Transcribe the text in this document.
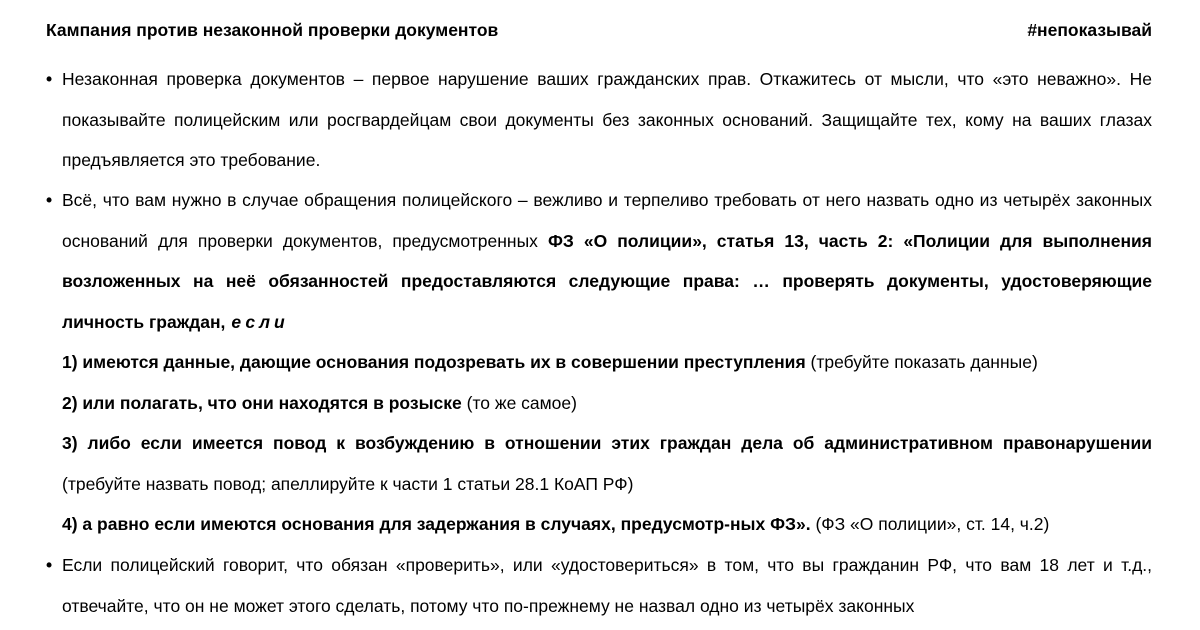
Кампания против незаконной проверки документов	#непоказывай
• Незаконная проверка документов – первое нарушение ваших гражданских прав. Откажитесь от мысли, что «это неважно». Не показывайте полицейским или росгвардейцам свои документы без законных оснований. Защищайте тех, кому на ваших глазах предъявляется это требование.
• Всё, что вам нужно в случае обращения полицейского – вежливо и терпеливо требовать от него назвать одно из четырёх законных оснований для проверки документов, предусмотренных ФЗ «О полиции», статья 13, часть 2: «Полиции для выполнения возложенных на неё обязанностей предоставляются следующие права: … проверять документы, удостоверяющие личность граждан, если
1) имеются данные, дающие основания подозревать их в совершении преступления (требуйте показать данные)
2) или полагать, что они находятся в розыске (то же самое)
3) либо если имеется повод к возбуждению в отношении этих граждан дела об административном правонарушении (требуйте назвать повод; апеллируйте к части 1 статьи 28.1 КоАП РФ)
4) а равно если имеются основания для задержания в случаях, предусмотр-ных ФЗ». (ФЗ «О полиции», ст. 14, ч.2)
• Если полицейский говорит, что обязан «проверить», или «удостовериться» в том, что вы гражданин РФ, что вам 18 лет и т.д., отвечайте, что он не может этого сделать, потому что по-прежнему не назвал одно из четырёх законных
